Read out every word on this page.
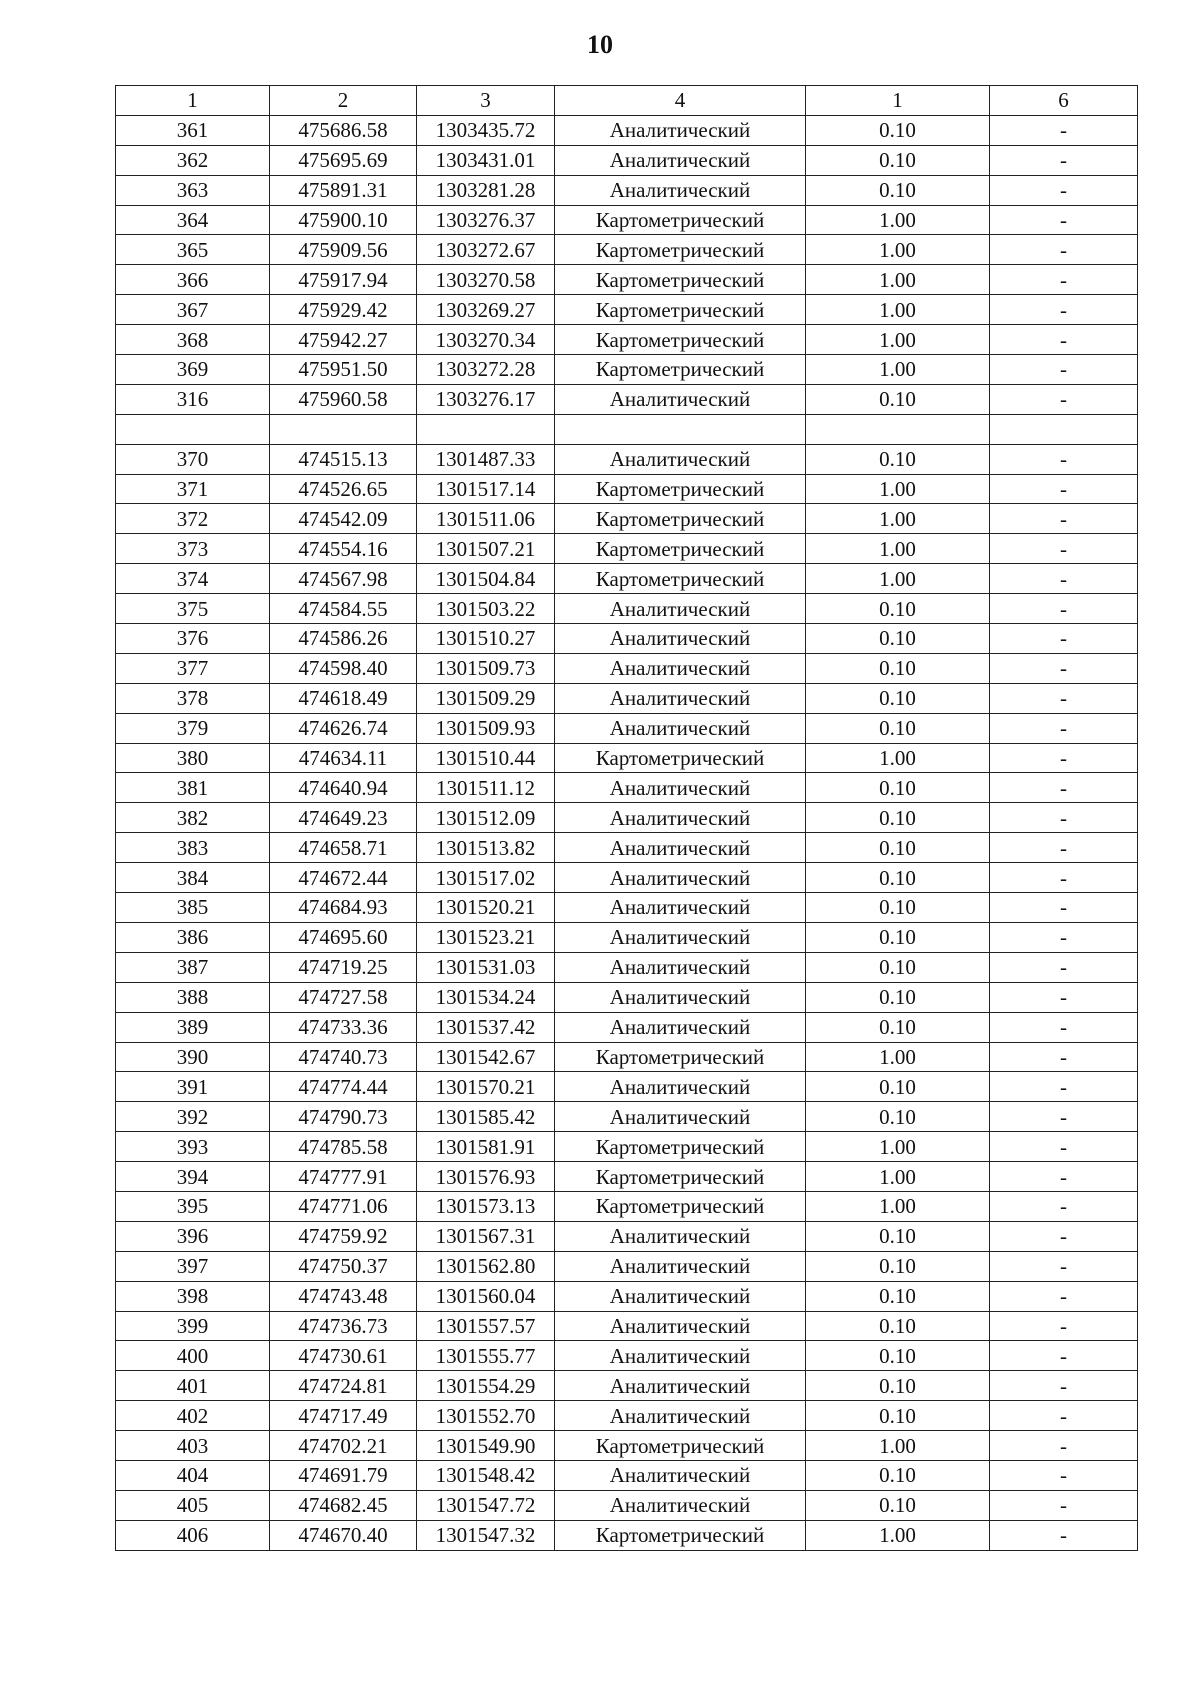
10
1	2	3	4	1	6
361	475686.58	1303435.72	Аналитический	0.10	-
362	475695.69	1303431.01	Аналитический	0.10	-
363	475891.31	1303281.28	Аналитический	0.10	-
364	475900.10	1303276.37	Картометрический	1.00	-
365	475909.56	1303272.67	Картометрический	1.00	-
366	475917.94	1303270.58	Картометрический	1.00	-
367	475929.42	1303269.27	Картометрический	1.00	-
368	475942.27	1303270.34	Картометрический	1.00	-
369	475951.50	1303272.28	Картометрический	1.00	-
316	475960.58	1303276.17	Аналитический	0.10	-

370	474515.13	1301487.33	Аналитический	0.10	-
371	474526.65	1301517.14	Картометрический	1.00	-
372	474542.09	1301511.06	Картометрический	1.00	-
373	474554.16	1301507.21	Картометрический	1.00	-
374	474567.98	1301504.84	Картометрический	1.00	-
375	474584.55	1301503.22	Аналитический	0.10	-
376	474586.26	1301510.27	Аналитический	0.10	-
377	474598.40	1301509.73	Аналитический	0.10	-
378	474618.49	1301509.29	Аналитический	0.10	-
379	474626.74	1301509.93	Аналитический	0.10	-
380	474634.11	1301510.44	Картометрический	1.00	-
381	474640.94	1301511.12	Аналитический	0.10	-
382	474649.23	1301512.09	Аналитический	0.10	-
383	474658.71	1301513.82	Аналитический	0.10	-
384	474672.44	1301517.02	Аналитический	0.10	-
385	474684.93	1301520.21	Аналитический	0.10	-
386	474695.60	1301523.21	Аналитический	0.10	-
387	474719.25	1301531.03	Аналитический	0.10	-
388	474727.58	1301534.24	Аналитический	0.10	-
389	474733.36	1301537.42	Аналитический	0.10	-
390	474740.73	1301542.67	Картометрический	1.00	-
391	474774.44	1301570.21	Аналитический	0.10	-
392	474790.73	1301585.42	Аналитический	0.10	-
393	474785.58	1301581.91	Картометрический	1.00	-
394	474777.91	1301576.93	Картометрический	1.00	-
395	474771.06	1301573.13	Картометрический	1.00	-
396	474759.92	1301567.31	Аналитический	0.10	-
397	474750.37	1301562.80	Аналитический	0.10	-
398	474743.48	1301560.04	Аналитический	0.10	-
399	474736.73	1301557.57	Аналитический	0.10	-
400	474730.61	1301555.77	Аналитический	0.10	-
401	474724.81	1301554.29	Аналитический	0.10	-
402	474717.49	1301552.70	Аналитический	0.10	-
403	474702.21	1301549.90	Картометрический	1.00	-
404	474691.79	1301548.42	Аналитический	0.10	-
405	474682.45	1301547.72	Аналитический	0.10	-
406	474670.40	1301547.32	Картометрический	1.00	-
